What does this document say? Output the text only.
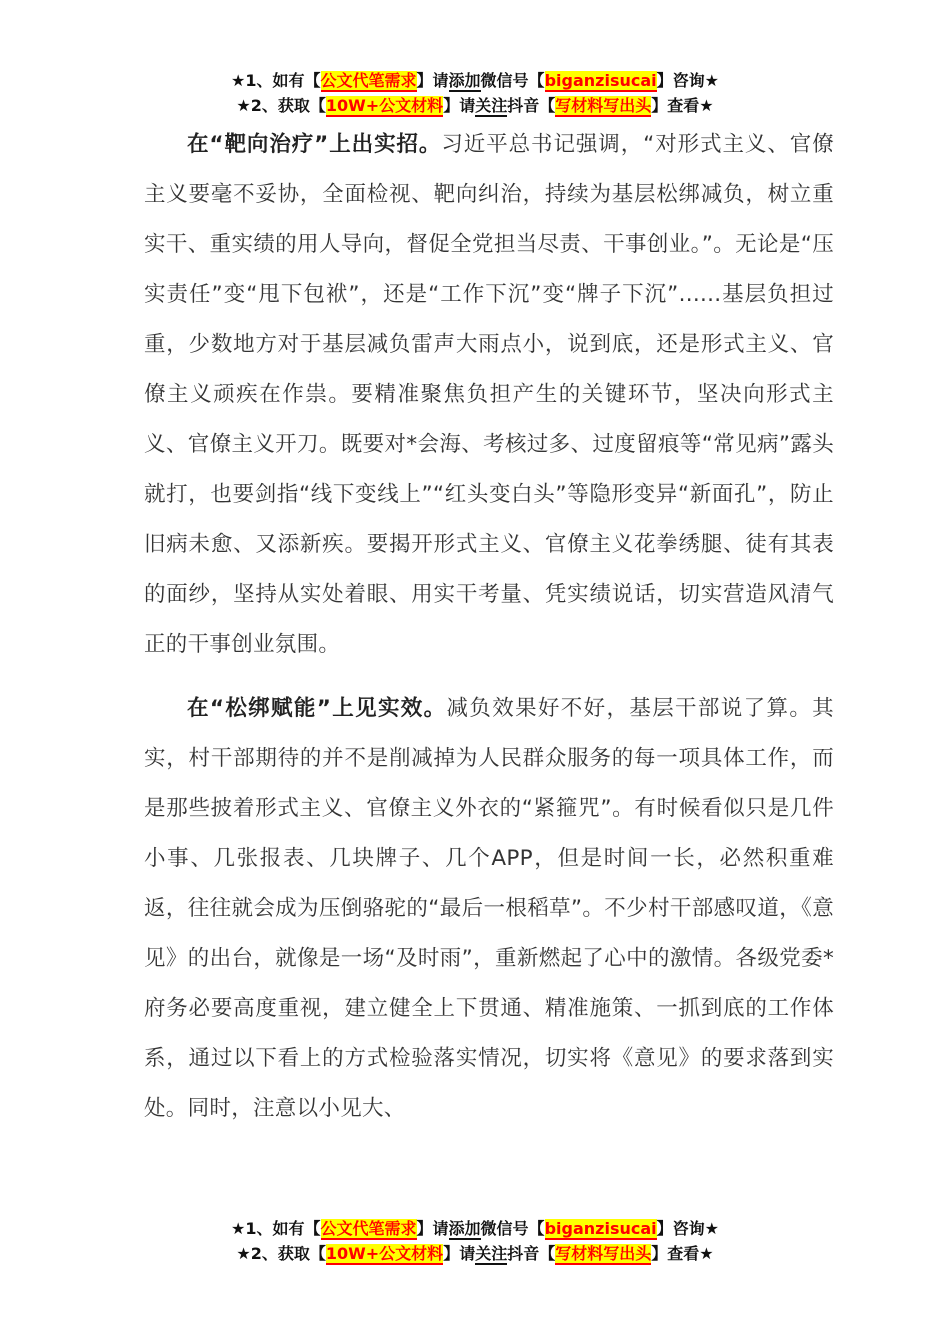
★1、如有【公文代笔需求】请添加微信号【biganzisucai】咨询★
★2、获取【10W+公文材料】请关注抖音【写材料写出头】查看★

在“靶向治疗”上出实招。习近平总书记强调，“对形式主义、官僚主义要毫不妥协，全面检视、靶向纠治，持续为基层松绑减负，树立重实干、重实绩的用人导向，督促全党担当尽责、干事创业。”。无论是“压实责任”变“甩下包袱”，还是“工作下沉”变“牌子下沉”......基层负担过重，少数地方对于基层减负雷声大雨点小，说到底，还是形式主义、官僚主义顽疾在作祟。要精准聚焦负担产生的关键环节，坚决向形式主义、官僚主义开刀。既要对*会海、考核过多、过度留痕等“常见病”露头就打，也要剑指“线下变线上”“红头变白头”等隐形变异“新面孔”，防止旧病未愈、又添新疾。要揭开形式主义、官僚主义花拳绣腿、徒有其表的面纱，坚持从实处着眼、用实干考量、凭实绩说话，切实营造风清气正的干事创业氛围。

在“松绑赋能”上见实效。减负效果好不好，基层干部说了算。其实，村干部期待的并不是削减掉为人民群众服务的每一项具体工作，而是那些披着形式主义、官僚主义外衣的“紧箍咒”。有时候看似只是几件小事、几张报表、几块牌子、几个APP，但是时间一长，必然积重难返，往往就会成为压倒骆驼的“最后一根稻草”。不少村干部感叹道，《意见》的出台，就像是一场“及时雨”，重新燃起了心中的激情。各级党委*府务必要高度重视，建立健全上下贯通、精准施策、一抓到底的工作体系，通过以下看上的方式检验落实情况，切实将《意见》的要求落到实处。同时，注意以小见大、

★1、如有【公文代笔需求】请添加微信号【biganzisucai】咨询★
★2、获取【10W+公文材料】请关注抖音【写材料写出头】查看★
